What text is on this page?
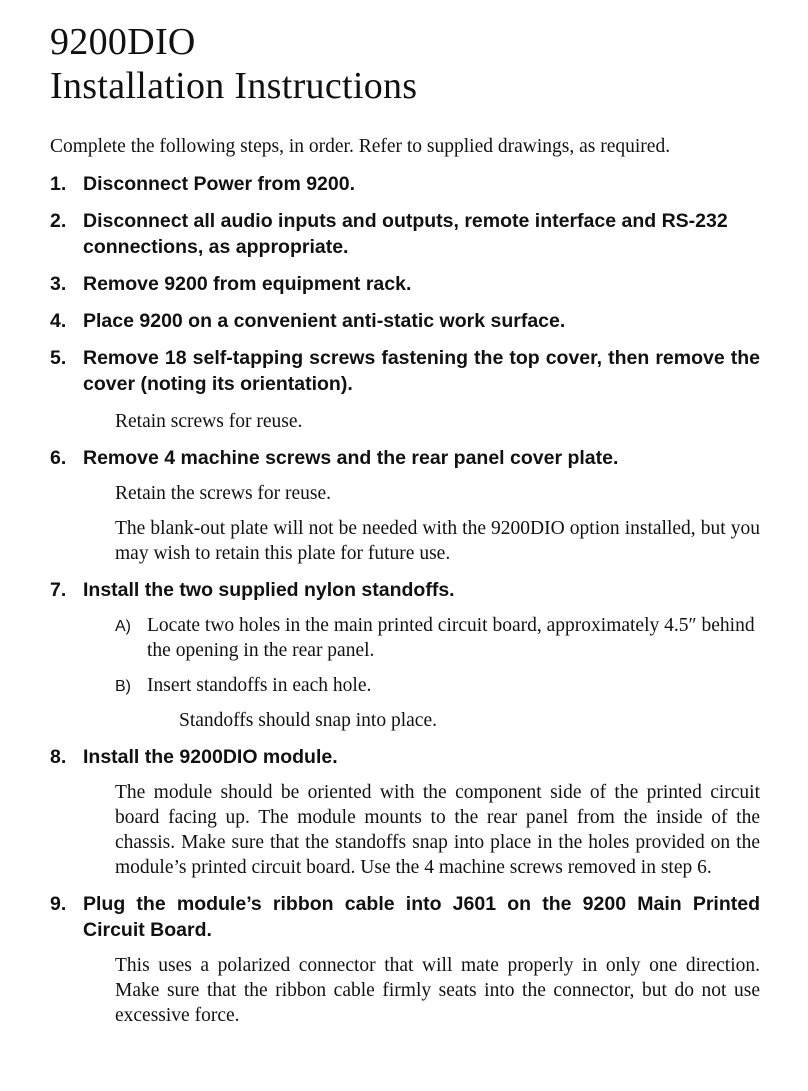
9200DIO
Installation Instructions

Complete the following steps, in order. Refer to supplied drawings, as required.

1. Disconnect Power from 9200.
2. Disconnect all audio inputs and outputs, remote interface and RS-232 connections, as appropriate.
3. Remove 9200 from equipment rack.
4. Place 9200 on a convenient anti-static work surface.
5. Remove 18 self-tapping screws fastening the top cover, then remove the cover (noting its orientation).
Retain screws for reuse.
6. Remove 4 machine screws and the rear panel cover plate.
Retain the screws for reuse.
The blank-out plate will not be needed with the 9200DIO option installed, but you may wish to retain this plate for future use.
7. Install the two supplied nylon standoffs.
A) Locate two holes in the main printed circuit board, approximately 4.5″ behind the opening in the rear panel.
B) Insert standoffs in each hole.
Standoffs should snap into place.
8. Install the 9200DIO module.
The module should be oriented with the component side of the printed circuit board facing up. The module mounts to the rear panel from the inside of the chassis. Make sure that the standoffs snap into place in the holes provided on the module’s printed circuit board. Use the 4 machine screws removed in step 6.
9. Plug the module’s ribbon cable into J601 on the 9200 Main Printed Circuit Board.
This uses a polarized connector that will mate properly in only one direction. Make sure that the ribbon cable firmly seats into the connector, but do not use excessive force.
